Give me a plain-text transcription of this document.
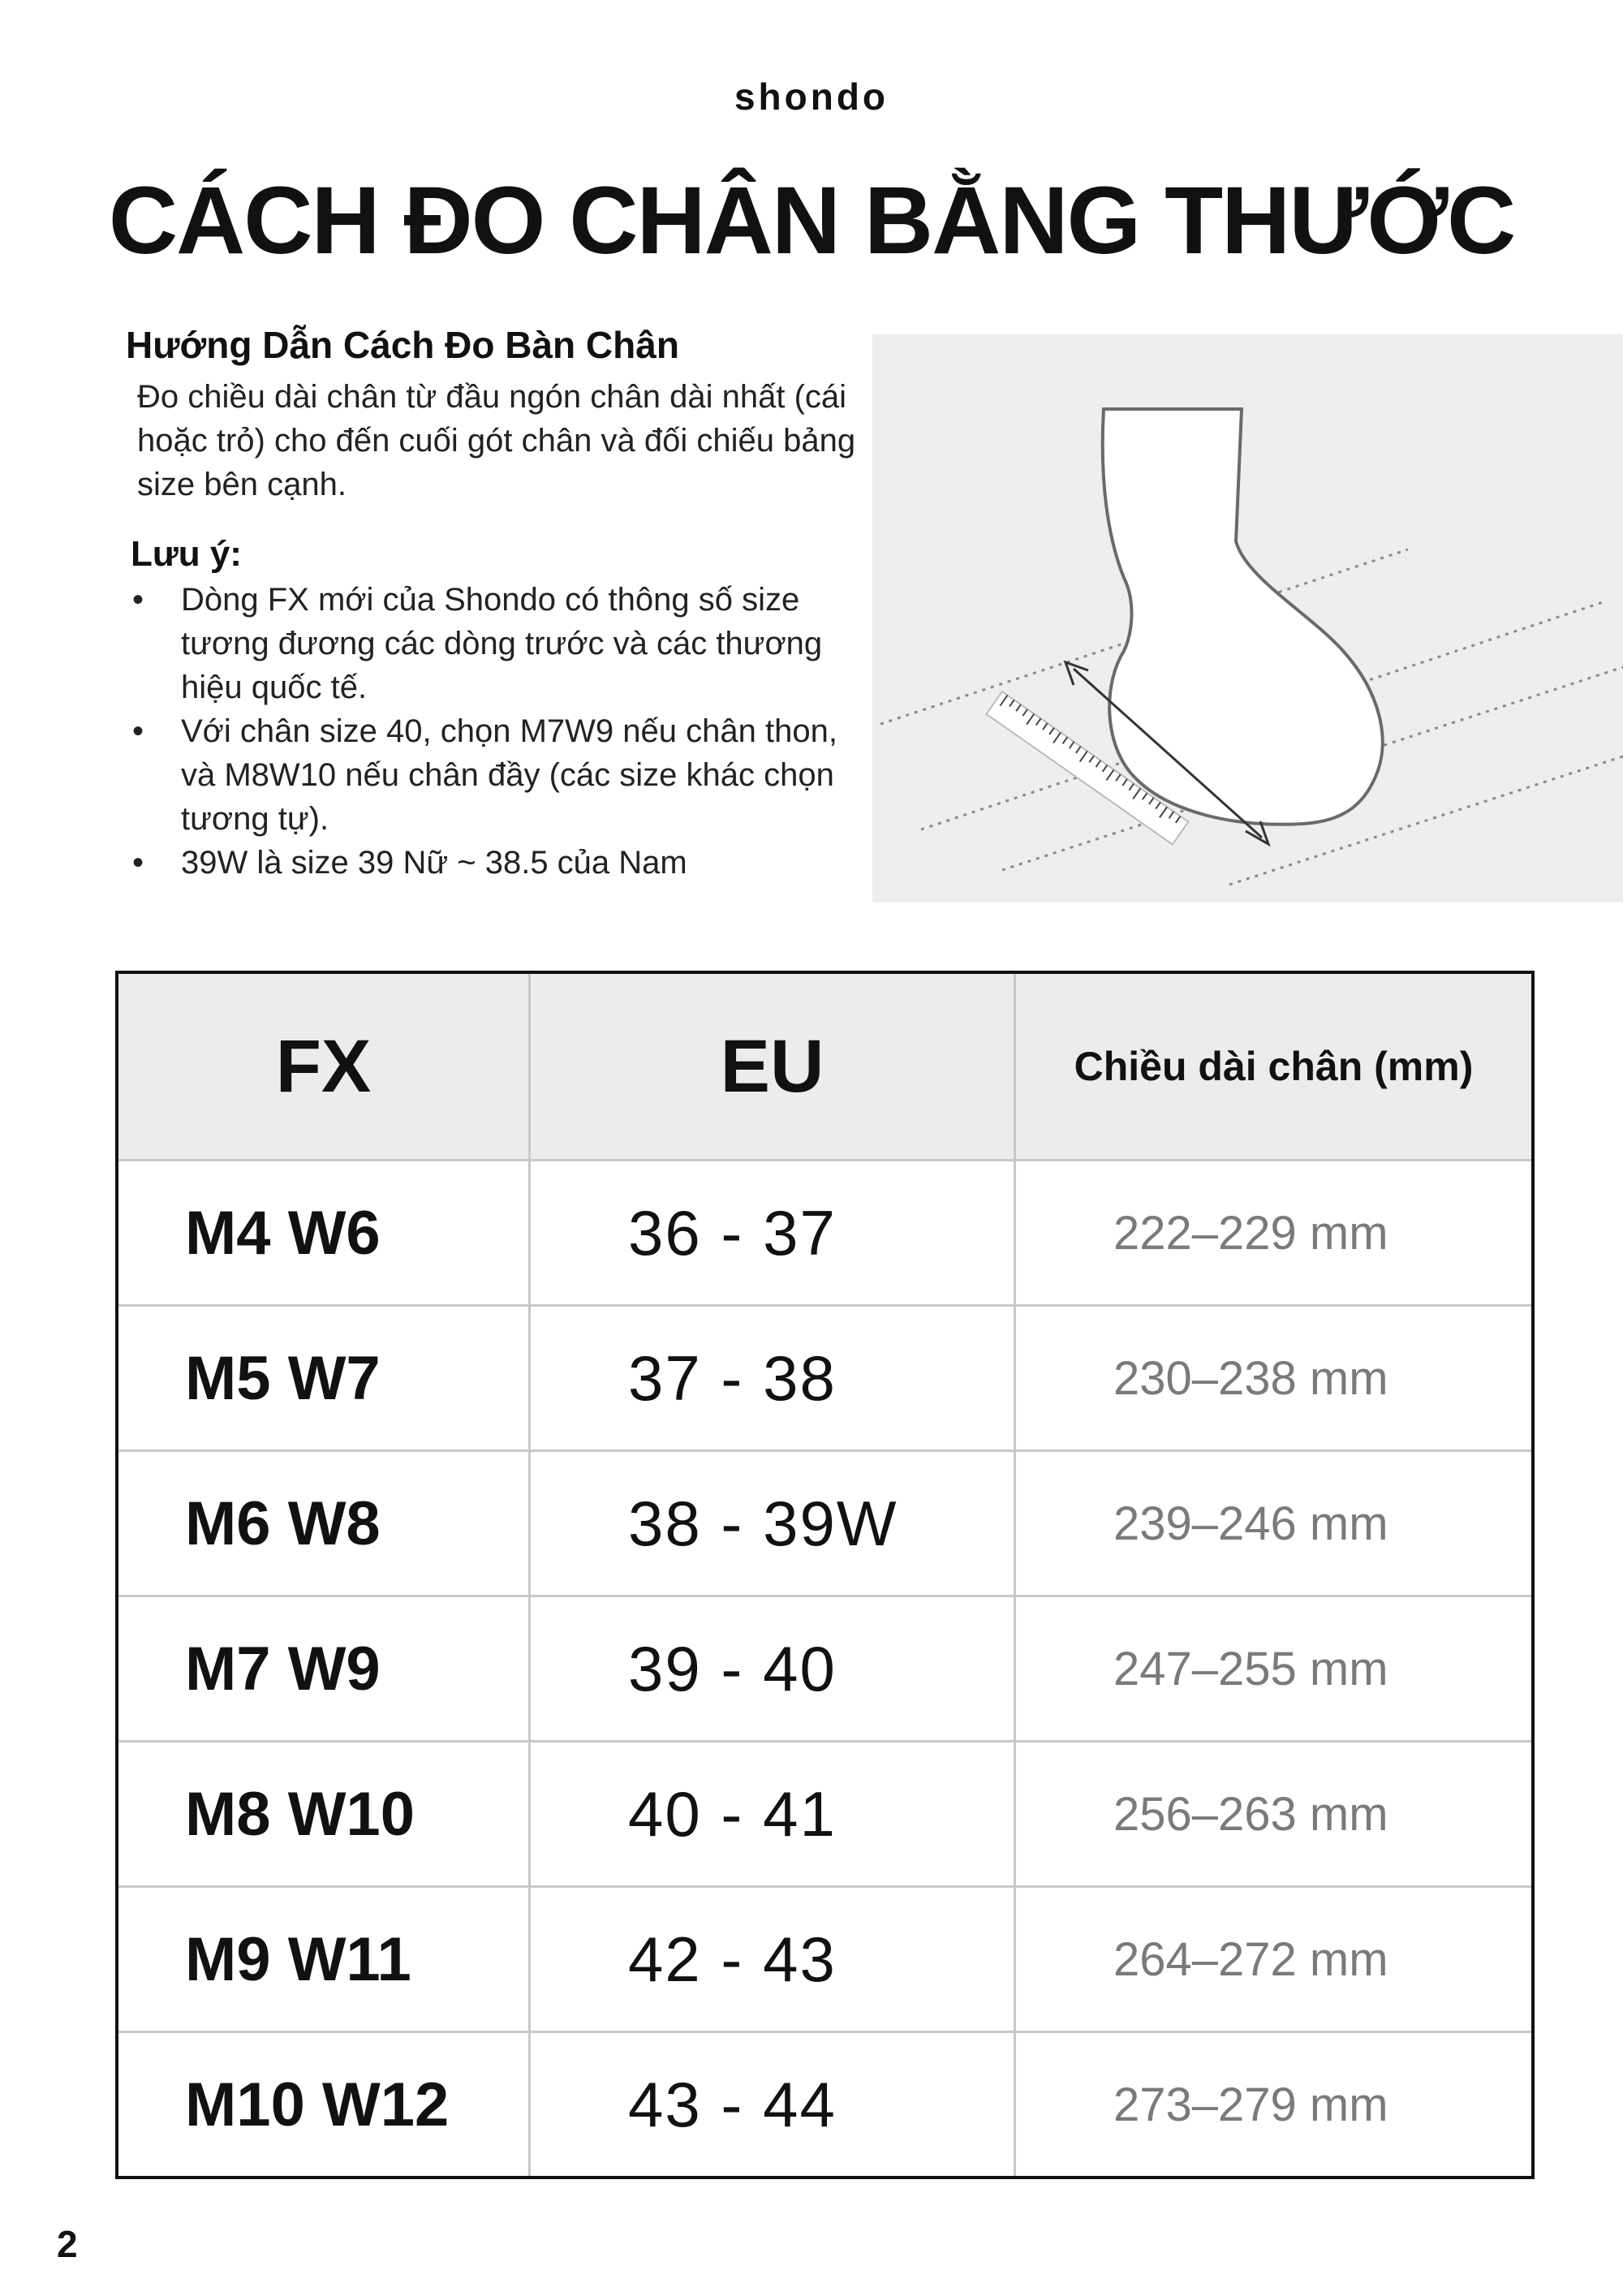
shondo
CÁCH ĐO CHÂN BẰNG THƯỚC
Hướng Dẫn Cách Đo Bàn Chân
Đo chiều dài chân từ đầu ngón chân dài nhất (cái hoặc trỏ) cho đến cuối gót chân và đối chiếu bảng size bên cạnh.
Lưu ý:
• Dòng FX mới của Shondo có thông số size tương đương các dòng trước và các thương hiệu quốc tế.
• Với chân size 40, chọn M7W9 nếu chân thon, và M8W10 nếu chân đầy (các size khác chọn tương tự).
• 39W là size 39 Nữ ~ 38.5 của Nam
FX	EU	Chiều dài chân (mm)
M4 W6	36 - 37	222–229 mm
M5 W7	37 - 38	230–238 mm
M6 W8	38 - 39W	239–246 mm
M7 W9	39 - 40	247–255 mm
M8 W10	40 - 41	256–263 mm
M9 W11	42 - 43	264–272 mm
M10 W12	43 - 44	273–279 mm
2
